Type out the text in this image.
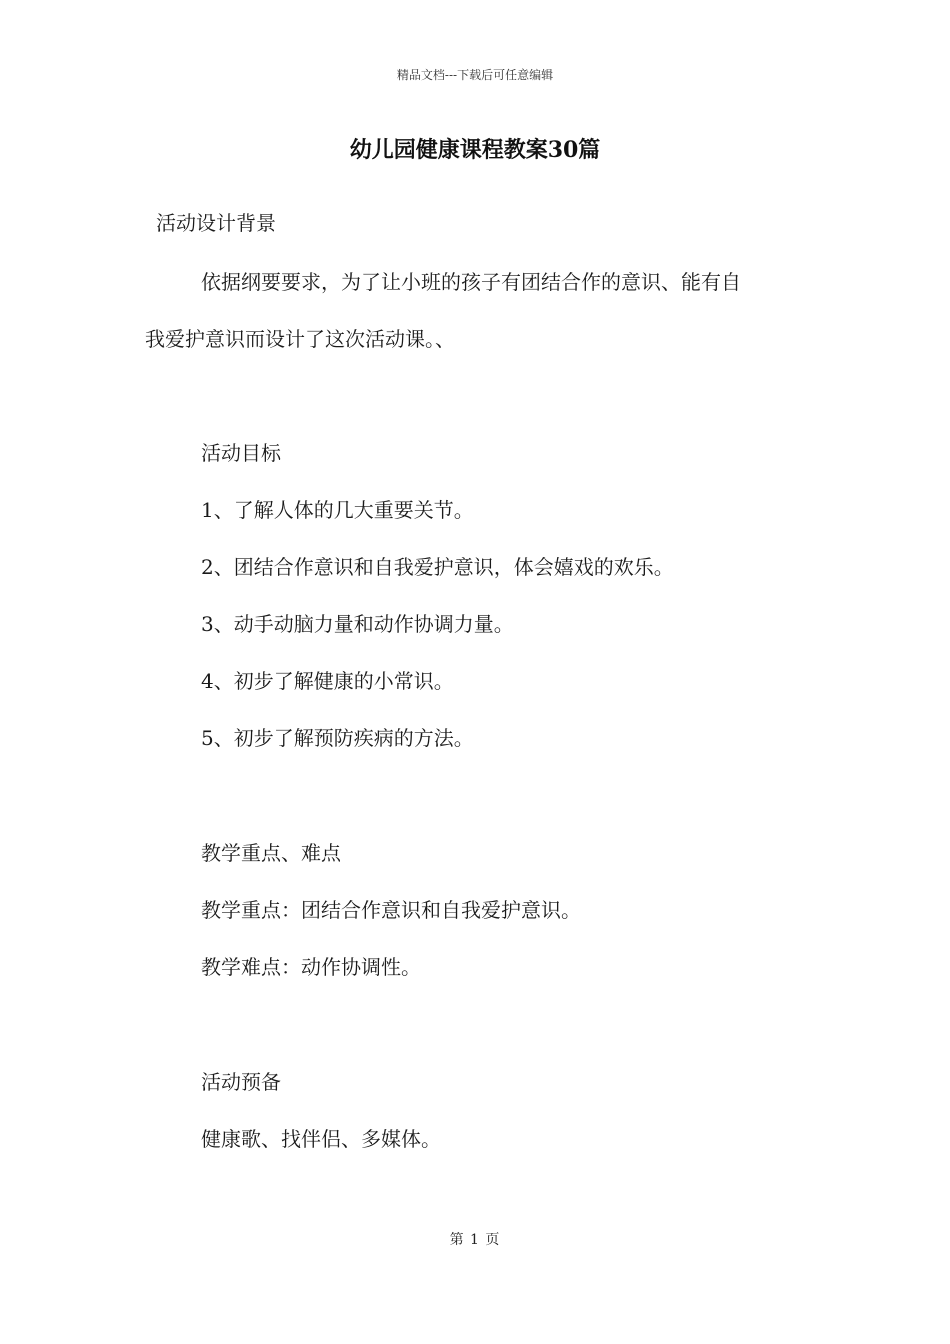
精品文档---下载后可任意编辑
幼儿园健康课程教案30篇
活动设计背景
依据纲要要求，为了让小班的孩子有团结合作的意识、能有自
我爱护意识而设计了这次活动课。、
活动目标
1、了解人体的几大重要关节。
2、团结合作意识和自我爱护意识，体会嬉戏的欢乐。
3、动手动脑力量和动作协调力量。
4、初步了解健康的小常识。
5、初步了解预防疾病的方法。
教学重点、难点
教学重点：团结合作意识和自我爱护意识。
教学难点：动作协调性。
活动预备
健康歌、找伴侣、多媒体。
第 1 页
